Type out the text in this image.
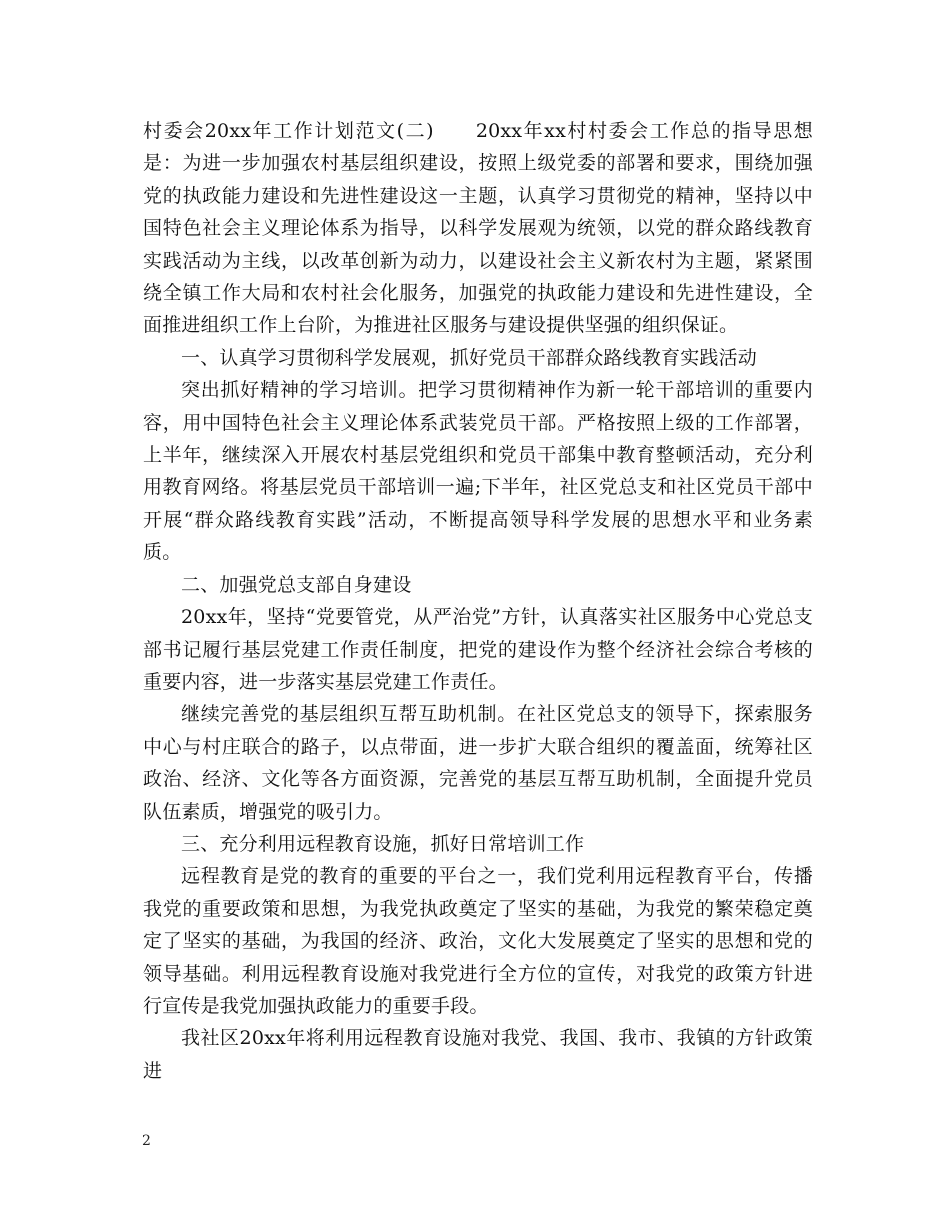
村委会20xx年工作计划范文(二) 20xx年xx村村委会工作总的指导思想是：为进一步加强农村基层组织建设，按照上级党委的部署和要求，围绕加强党的执政能力建设和先进性建设这一主题，认真学习贯彻党的精神，坚持以中国特色社会主义理论体系为指导，以科学发展观为统领，以党的群众路线教育实践活动为主线，以改革创新为动力，以建设社会主义新农村为主题，紧紧围绕全镇工作大局和农村社会化服务，加强党的执政能力建设和先进性建设，全面推进组织工作上台阶，为推进社区服务与建设提供坚强的组织保证。

一、认真学习贯彻科学发展观，抓好党员干部群众路线教育实践活动

突出抓好精神的学习培训。把学习贯彻精神作为新一轮干部培训的重要内容，用中国特色社会主义理论体系武装党员干部。严格按照上级的工作部署，上半年，继续深入开展农村基层党组织和党员干部集中教育整顿活动，充分利用教育网络。将基层党员干部培训一遍;下半年，社区党总支和社区党员干部中开展“群众路线教育实践”活动，不断提高领导科学发展的思想水平和业务素质。

二、加强党总支部自身建设

20xx年，坚持“党要管党，从严治党”方针，认真落实社区服务中心党总支部书记履行基层党建工作责任制度，把党的建设作为整个经济社会综合考核的重要内容，进一步落实基层党建工作责任。

继续完善党的基层组织互帮互助机制。在社区党总支的领导下，探索服务中心与村庄联合的路子，以点带面，进一步扩大联合组织的覆盖面，统筹社区政治、经济、文化等各方面资源，完善党的基层互帮互助机制，全面提升党员队伍素质，增强党的吸引力。

三、充分利用远程教育设施，抓好日常培训工作

远程教育是党的教育的重要的平台之一，我们党利用远程教育平台，传播我党的重要政策和思想，为我党执政奠定了坚实的基础，为我党的繁荣稳定奠定了坚实的基础，为我国的经济、政治，文化大发展奠定了坚实的思想和党的领导基础。利用远程教育设施对我党进行全方位的宣传，对我党的政策方针进行宣传是我党加强执政能力的重要手段。

我社区20xx年将利用远程教育设施对我党、我国、我市、我镇的方针政策进

2
